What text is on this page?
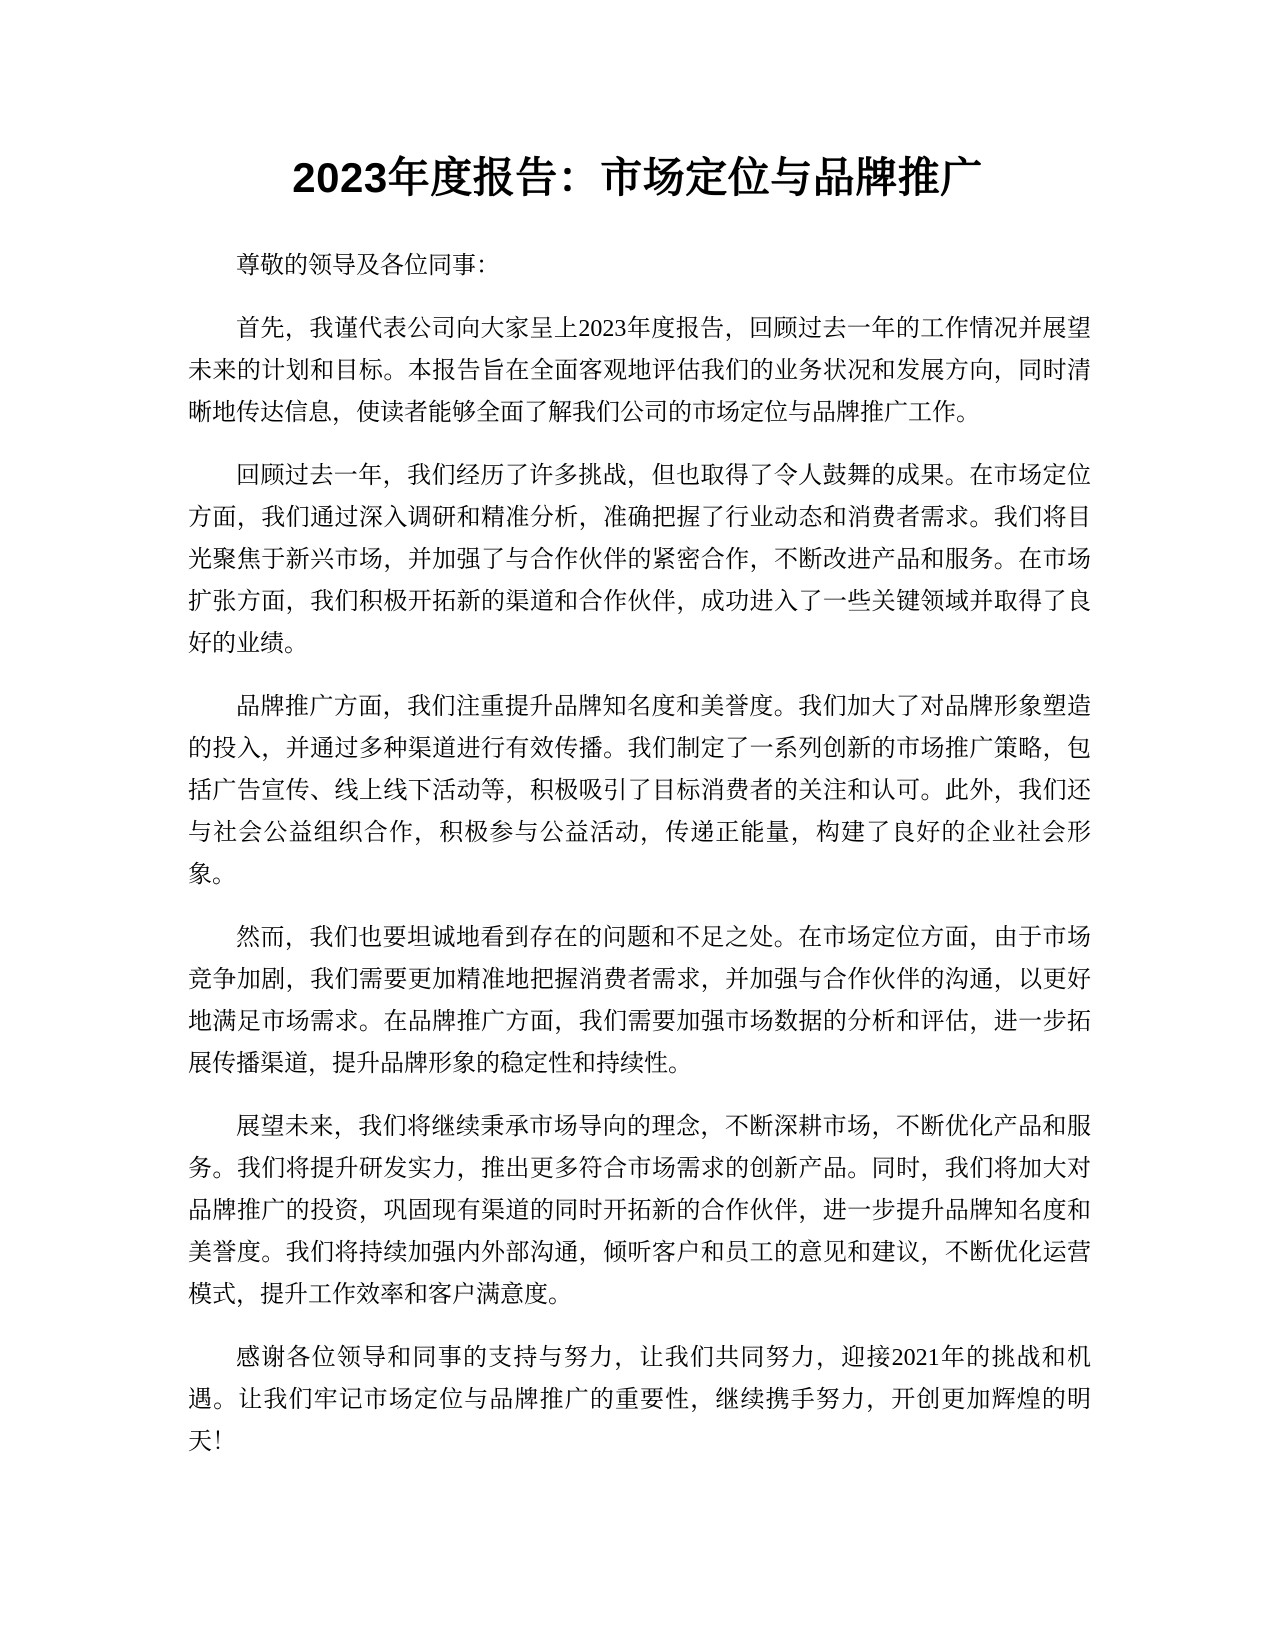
2023年度报告：市场定位与品牌推广

尊敬的领导及各位同事：

首先，我谨代表公司向大家呈上2023年度报告，回顾过去一年的工作情况并展望未来的计划和目标。本报告旨在全面客观地评估我们的业务状况和发展方向，同时清晰地传达信息，使读者能够全面了解我们公司的市场定位与品牌推广工作。

回顾过去一年，我们经历了许多挑战，但也取得了令人鼓舞的成果。在市场定位方面，我们通过深入调研和精准分析，准确把握了行业动态和消费者需求。我们将目光聚焦于新兴市场，并加强了与合作伙伴的紧密合作，不断改进产品和服务。在市场扩张方面，我们积极开拓新的渠道和合作伙伴，成功进入了一些关键领域并取得了良好的业绩。

品牌推广方面，我们注重提升品牌知名度和美誉度。我们加大了对品牌形象塑造的投入，并通过多种渠道进行有效传播。我们制定了一系列创新的市场推广策略，包括广告宣传、线上线下活动等，积极吸引了目标消费者的关注和认可。此外，我们还与社会公益组织合作，积极参与公益活动，传递正能量，构建了良好的企业社会形象。

然而，我们也要坦诚地看到存在的问题和不足之处。在市场定位方面，由于市场竞争加剧，我们需要更加精准地把握消费者需求，并加强与合作伙伴的沟通，以更好地满足市场需求。在品牌推广方面，我们需要加强市场数据的分析和评估，进一步拓展传播渠道，提升品牌形象的稳定性和持续性。

展望未来，我们将继续秉承市场导向的理念，不断深耕市场，不断优化产品和服务。我们将提升研发实力，推出更多符合市场需求的创新产品。同时，我们将加大对品牌推广的投资，巩固现有渠道的同时开拓新的合作伙伴，进一步提升品牌知名度和美誉度。我们将持续加强内外部沟通，倾听客户和员工的意见和建议，不断优化运营模式，提升工作效率和客户满意度。

感谢各位领导和同事的支持与努力，让我们共同努力，迎接2021年的挑战和机遇。让我们牢记市场定位与品牌推广的重要性，继续携手努力，开创更加辉煌的明天！
